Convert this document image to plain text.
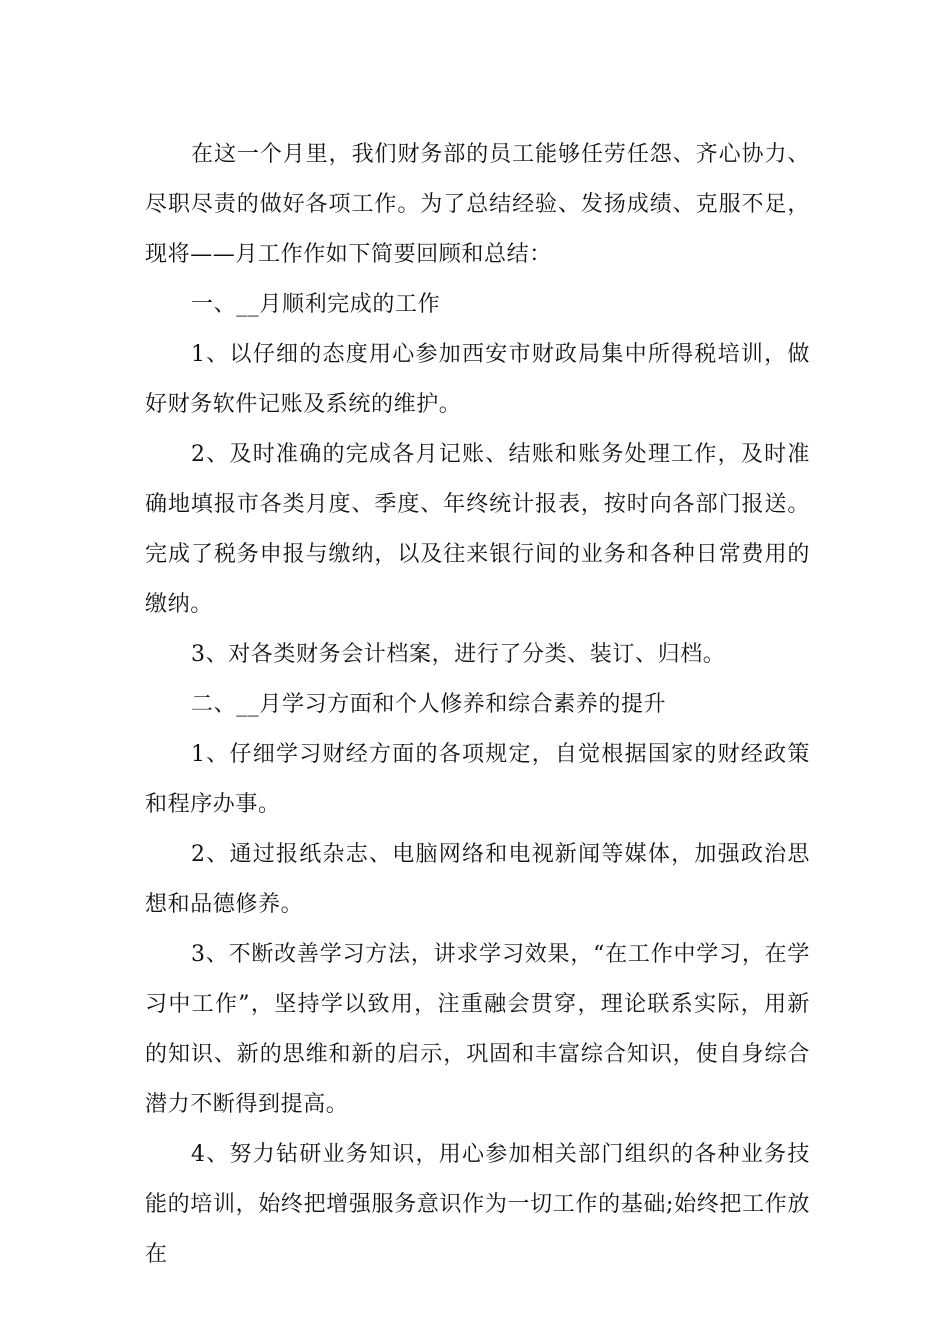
在这一个月里，我们财务部的员工能够任劳任怨、齐心协力、尽职尽责的做好各项工作。为了总结经验、发扬成绩、克服不足，现将——月工作作如下简要回顾和总结：

一、__月顺利完成的工作

1、以仔细的态度用心参加西安市财政局集中所得税培训，做好财务软件记账及系统的维护。

2、及时准确的完成各月记账、结账和账务处理工作，及时准确地填报市各类月度、季度、年终统计报表，按时向各部门报送。完成了税务申报与缴纳，以及往来银行间的业务和各种日常费用的缴纳。

3、对各类财务会计档案，进行了分类、装订、归档。

二、__月学习方面和个人修养和综合素养的提升

1、仔细学习财经方面的各项规定，自觉根据国家的财经政策和程序办事。

2、通过报纸杂志、电脑网络和电视新闻等媒体，加强政治思想和品德修养。

3、不断改善学习方法，讲求学习效果，“在工作中学习，在学习中工作”，坚持学以致用，注重融会贯穿，理论联系实际，用新的知识、新的思维和新的启示，巩固和丰富综合知识，使自身综合潜力不断得到提高。

4、努力钻研业务知识，用心参加相关部门组织的各种业务技能的培训，始终把增强服务意识作为一切工作的基础;始终把工作放在
